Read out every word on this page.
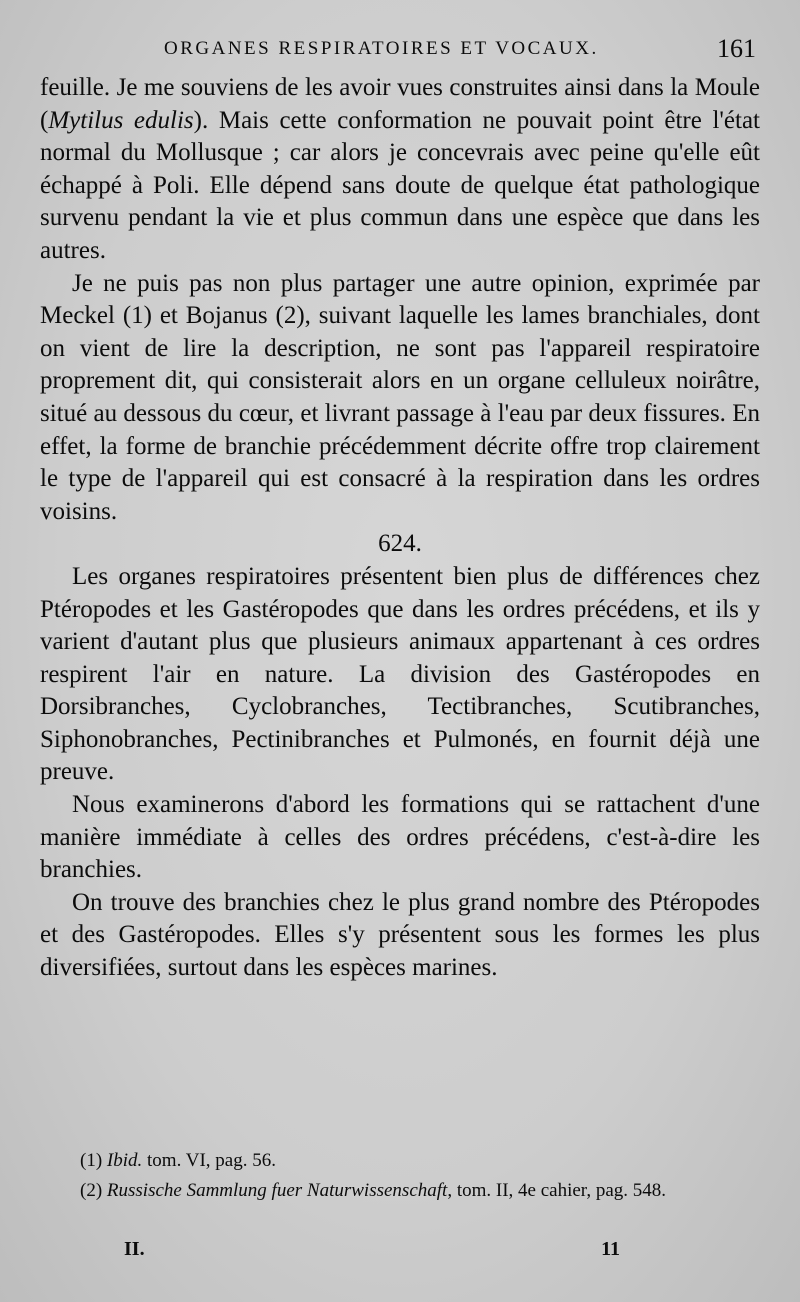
ORGANES RESPIRATOIRES ET VOCAUX.	161

feuille. Je me souviens de les avoir vues construites ainsi dans la Moule (Mytilus edulis). Mais cette conformation ne pouvait point être l'état normal du Mollusque ; car alors je concevrais avec peine qu'elle eût échappé à Poli. Elle dépend sans doute de quelque état pathologique survenu pendant la vie et plus commun dans une espèce que dans les autres.

Je ne puis pas non plus partager une autre opinion, exprimée par Meckel (1) et Bojanus (2), suivant laquelle les lames branchiales, dont on vient de lire la description, ne sont pas l'appareil respiratoire proprement dit, qui consisterait alors en un organe celluleux noirâtre, situé au dessous du cœur, et livrant passage à l'eau par deux fissures. En effet, la forme de branchie précédemment décrite offre trop clairement le type de l'appareil qui est consacré à la respiration dans les ordres voisins.

624.

Les organes respiratoires présentent bien plus de différences chez Ptéropodes et les Gastéropodes que dans les ordres précédens, et ils y varient d'autant plus que plusieurs animaux appartenant à ces ordres respirent l'air en nature. La division des Gastéropodes en Dorsibranches, Cyclobranches, Tectibranches, Scutibranches, Siphonobranches, Pectinibranches et Pulmonés, en fournit déjà une preuve.

Nous examinerons d'abord les formations qui se rattachent d'une manière immédiate à celles des ordres précédens, c'est-à-dire les branchies.

On trouve des branchies chez le plus grand nombre des Ptéropodes et des Gastéropodes. Elles s'y présentent sous les formes les plus diversifiées, surtout dans les espèces marines.

(1) Ibid. tom. VI, pag. 56.

(2) Russische Sammlung fuer Naturwissenschaft, tom. II, 4e cahier, pag. 548.

II.	11
